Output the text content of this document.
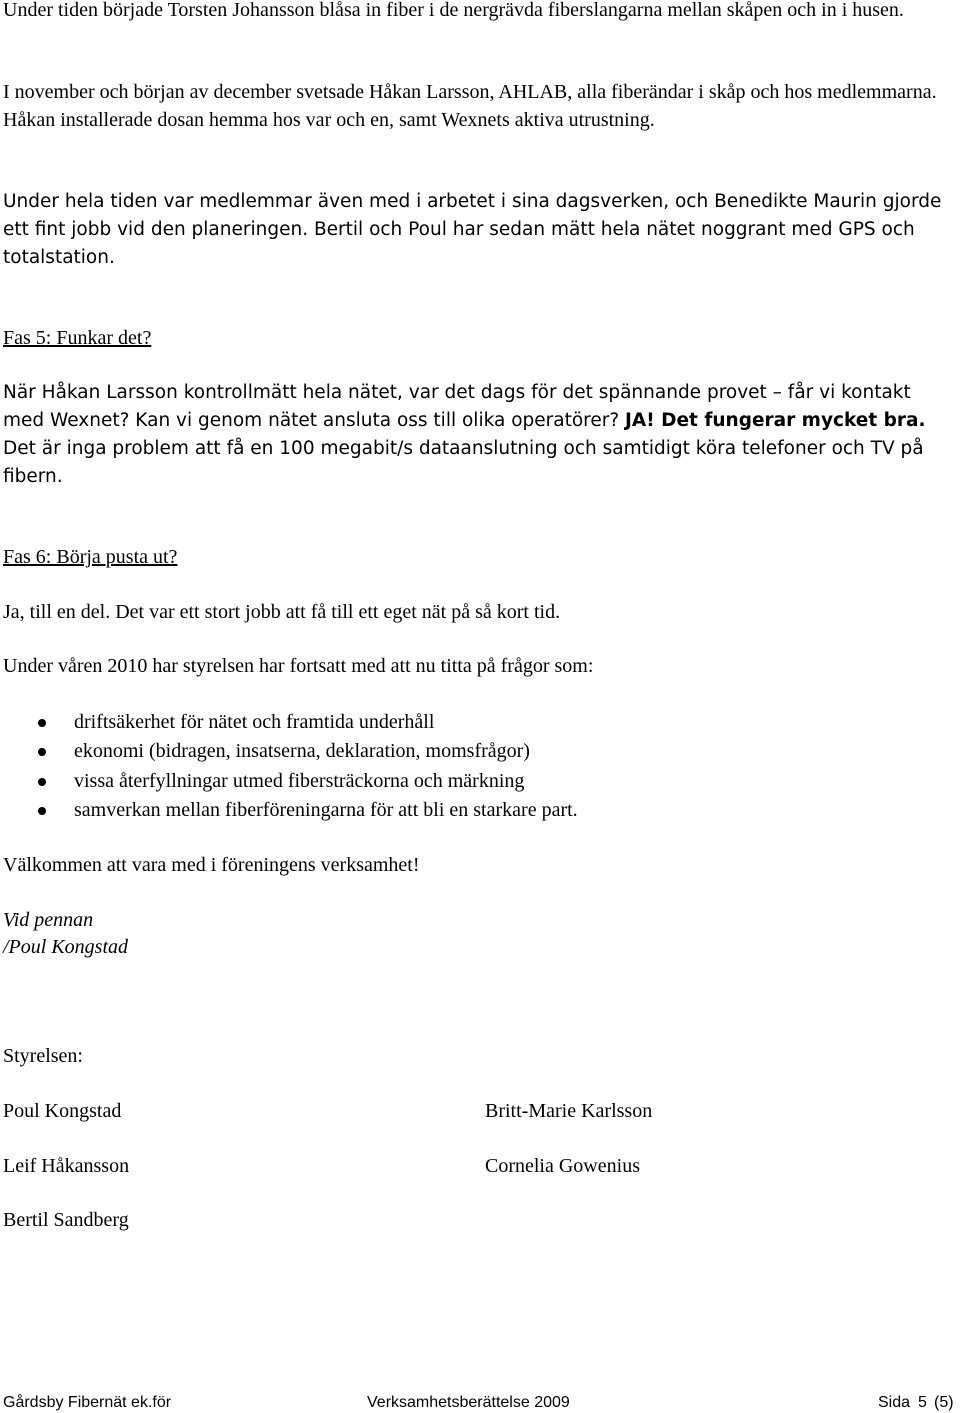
Under tiden började Torsten Johansson blåsa in fiber i de nergrävda fiberslangarna mellan skåpen och in i husen.

I november och början av december svetsade Håkan Larsson, AHLAB, alla fiberändar i skåp och hos medlemmarna. Håkan installerade dosan hemma hos var och en, samt Wexnets aktiva utrustning.

Under hela tiden var medlemmar även med i arbetet i sina dagsverken, och Benedikte Maurin gjorde ett fint jobb vid den planeringen. Bertil och Poul har sedan mätt hela nätet noggrant med GPS och totalstation.

Fas 5: Funkar det?

När Håkan Larsson kontrollmätt hela nätet, var det dags för det spännande provet – får vi kontakt med Wexnet? Kan vi genom nätet ansluta oss till olika operatörer? JA! Det fungerar mycket bra. Det är inga problem att få en 100 megabit/s dataanslutning och samtidigt köra telefoner och TV på fibern.

Fas 6: Börja pusta ut?

Ja, till en del. Det var ett stort jobb att få till ett eget nät på så kort tid.

Under våren 2010 har styrelsen har fortsatt med att nu titta på frågor som:

driftsäkerhet för nätet och framtida underhåll
ekonomi (bidragen, insatserna, deklaration, momsfrågor)
vissa återfyllningar utmed fibersträckorna och märkning
samverkan mellan fiberföreningarna för att bli en starkare part.

Välkommen att vara med i föreningens verksamhet!

Vid pennan

/Poul Kongstad

Styrelsen:

Poul Kongstad

Leif Håkansson

Bertil Sandberg

Britt-Marie Karlsson

Cornelia Gowenius

Gårdsby Fibernät ek.för	Verksamhetsberättelse 2009	Sida 5 (5)
